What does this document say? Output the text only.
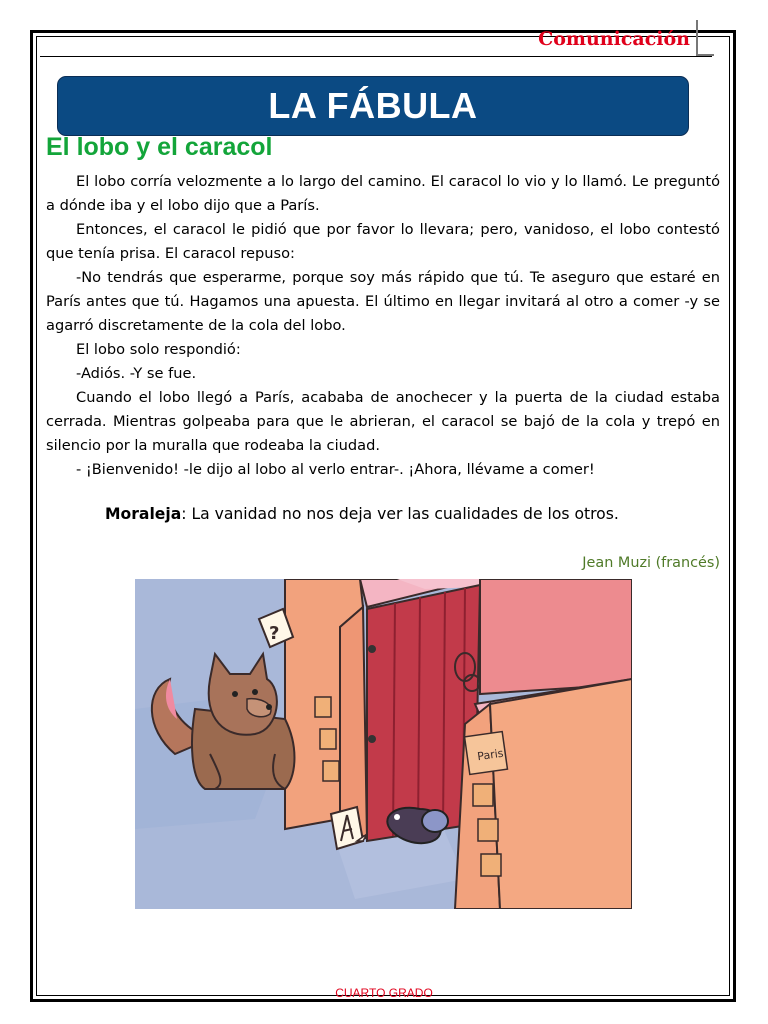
Comunicación
LA FÁBULA
El lobo y el caracol

El lobo corría velozmente a lo largo del camino. El caracol lo vio y lo llamó. Le preguntó a dónde iba y el lobo dijo que a París.

Entonces, el caracol le pidió que por favor lo llevara; pero, vanidoso, el lobo contestó que tenía prisa. El caracol repuso:

-No tendrás que esperarme, porque soy más rápido que tú. Te aseguro que estaré en París antes que tú. Hagamos una apuesta. El último en llegar invitará al otro a comer -y se agarró discretamente de la cola del lobo.

El lobo solo respondió:

-Adiós. -Y se fue.

Cuando el lobo llegó a París, acababa de anochecer y la puerta de la ciudad estaba cerrada. Mientras golpeaba para que le abrieran, el caracol se bajó de la cola y trepó en silencio por la muralla que rodeaba la ciudad.

- ¡Bienvenido! -le dijo al lobo al verlo entrar-. ¡Ahora, llévame a comer!

Moraleja: La vanidad no nos deja ver las cualidades de los otros.
Jean Muzi (francés)
Paris
?
CUARTO GRADO
